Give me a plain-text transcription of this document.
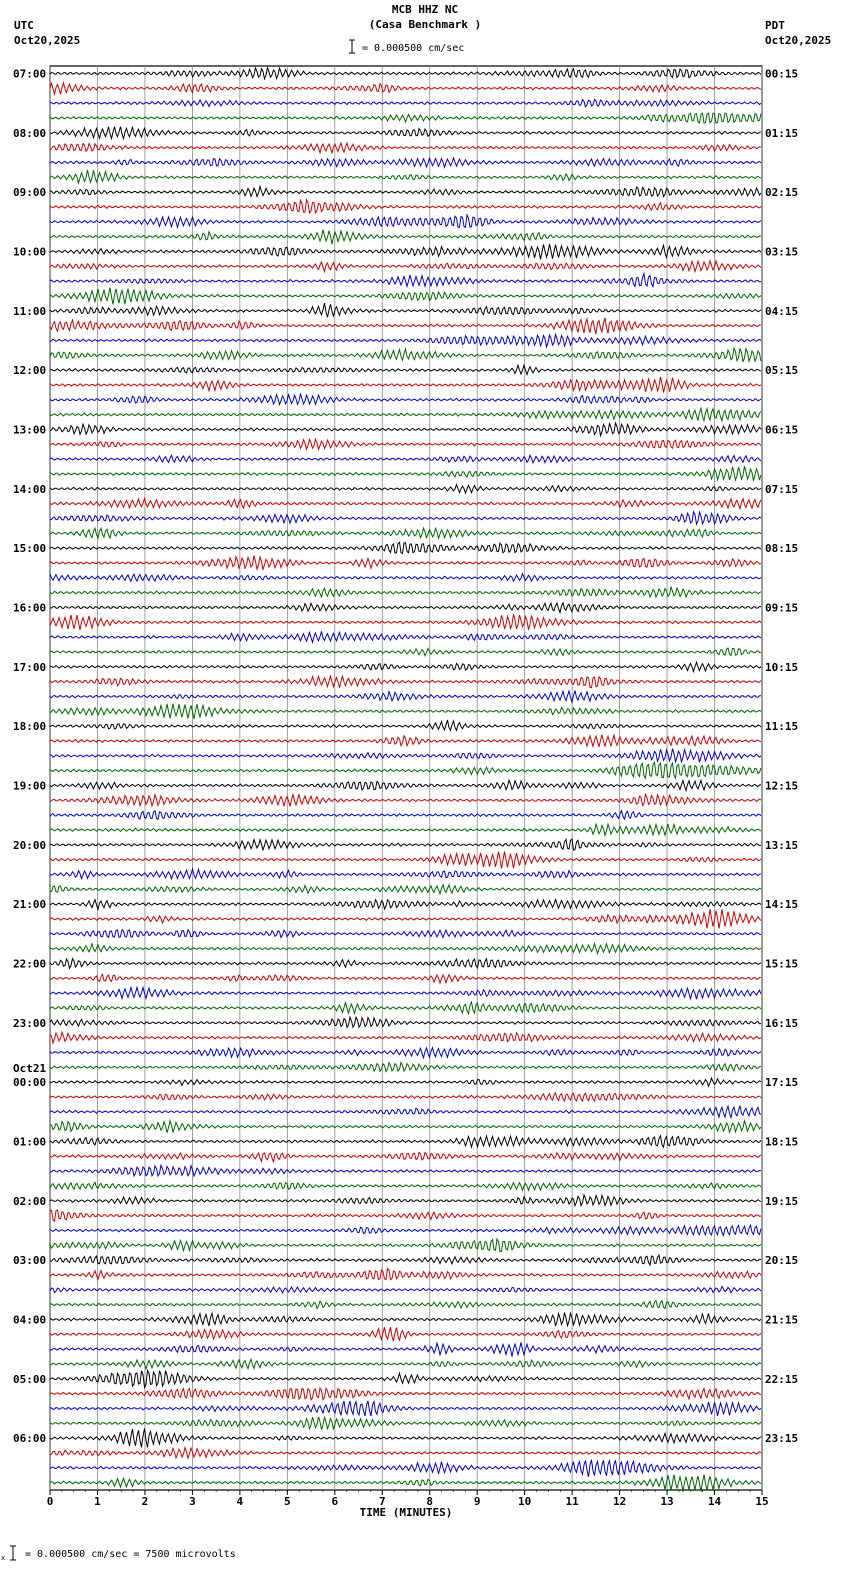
MCB HHZ NC
(Casa Benchmark )
UTC
Oct20,2025
PDT
Oct20,2025
= 0.000500 cm/sec
0	1	2	3	4	5	6	7	8	9	10	11	12	13	14	15
TIME (MINUTES)
07:00	00:15
08:00	01:15
09:00	02:15
10:00	03:15
11:00	04:15
12:00	05:15
13:00	06:15
14:00	07:15
15:00	08:15
16:00	09:15
17:00	10:15
18:00	11:15
19:00	12:15
20:00	13:15
21:00	14:15
22:00	15:15
23:00	16:15
00:00	17:15
Oct21
01:00	18:15
02:00	19:15
03:00	20:15
04:00	21:15
05:00	22:15
06:00	23:15
x = 0.000500 cm/sec = 7500 microvolts
